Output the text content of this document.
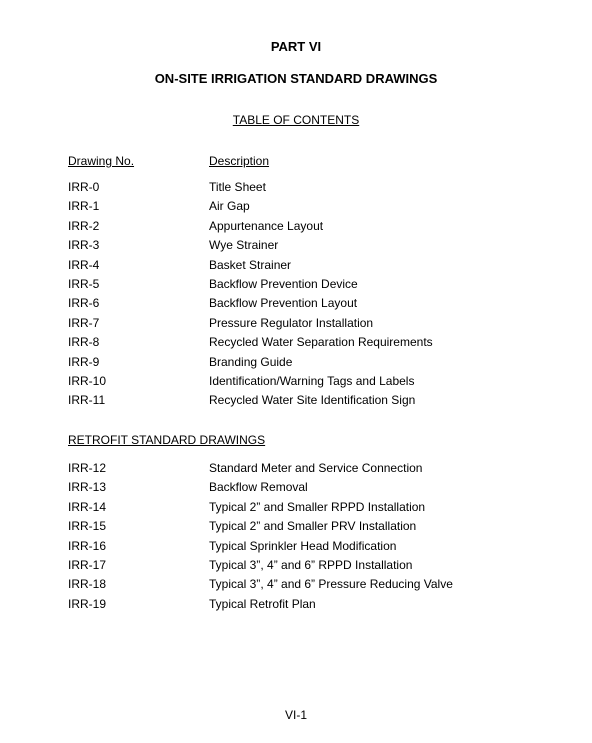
PART VI
ON-SITE IRRIGATION STANDARD DRAWINGS
TABLE OF CONTENTS
Drawing No.	Description
IRR-0	Title Sheet
IRR-1	Air Gap
IRR-2	Appurtenance Layout
IRR-3	Wye Strainer
IRR-4	Basket Strainer
IRR-5	Backflow Prevention Device
IRR-6	Backflow Prevention Layout
IRR-7	Pressure Regulator Installation
IRR-8	Recycled Water Separation Requirements
IRR-9	Branding Guide
IRR-10	Identification/Warning Tags and Labels
IRR-11	Recycled Water Site Identification Sign
RETROFIT STANDARD DRAWINGS
IRR-12	Standard Meter and Service Connection
IRR-13	Backflow Removal
IRR-14	Typical 2” and Smaller RPPD Installation
IRR-15	Typical 2” and Smaller PRV Installation
IRR-16	Typical Sprinkler Head Modification
IRR-17	Typical 3”, 4” and 6” RPPD Installation
IRR-18	Typical 3”, 4” and 6” Pressure Reducing Valve
IRR-19	Typical Retrofit Plan
VI-1
